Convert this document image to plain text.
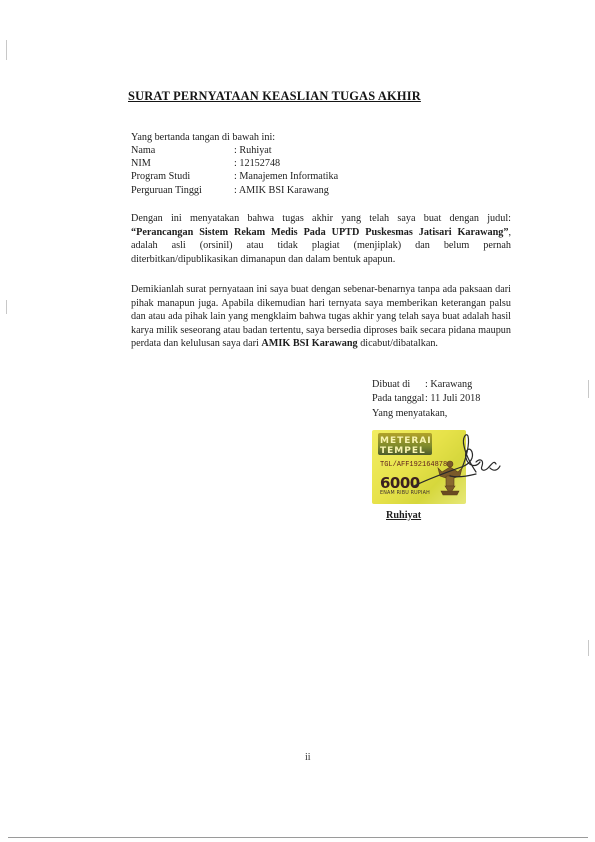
SURAT PERNYATAAN KEASLIAN TUGAS AKHIR
Yang bertanda tangan di bawah ini:
Nama	: Ruhiyat
NIM	: 12152748
Program Studi	: Manajemen Informatika
Perguruan Tinggi	: AMIK BSI Karawang
Dengan ini menyatakan bahwa tugas akhir yang telah saya buat dengan judul: “Perancangan Sistem Rekam Medis Pada UPTD Puskesmas Jatisari Karawang”, adalah asli (orsinil) atau tidak plagiat (menjiplak) dan belum pernah diterbitkan/dipublikasikan dimanapun dan dalam bentuk apapun.
Demikianlah surat pernyataan ini saya buat dengan sebenar-benarnya tanpa ada paksaan dari pihak manapun juga. Apabila dikemudian hari ternyata saya memberikan keterangan palsu dan atau ada pihak lain yang mengklaim bahwa tugas akhir yang telah saya buat adalah hasil karya milik seseorang atau badan tertentu, saya bersedia diproses baik secara pidana maupun perdata dan kelulusan saya dari AMIK BSI Karawang dicabut/dibatalkan.
Dibuat di	: Karawang
Pada tanggal	: 11 Juli 2018
Yang menyatakan,
METERAI TEMPEL
TGL/AFF192164878
6000
ENAM RIBU RUPIAH
Ruhiyat
ii
